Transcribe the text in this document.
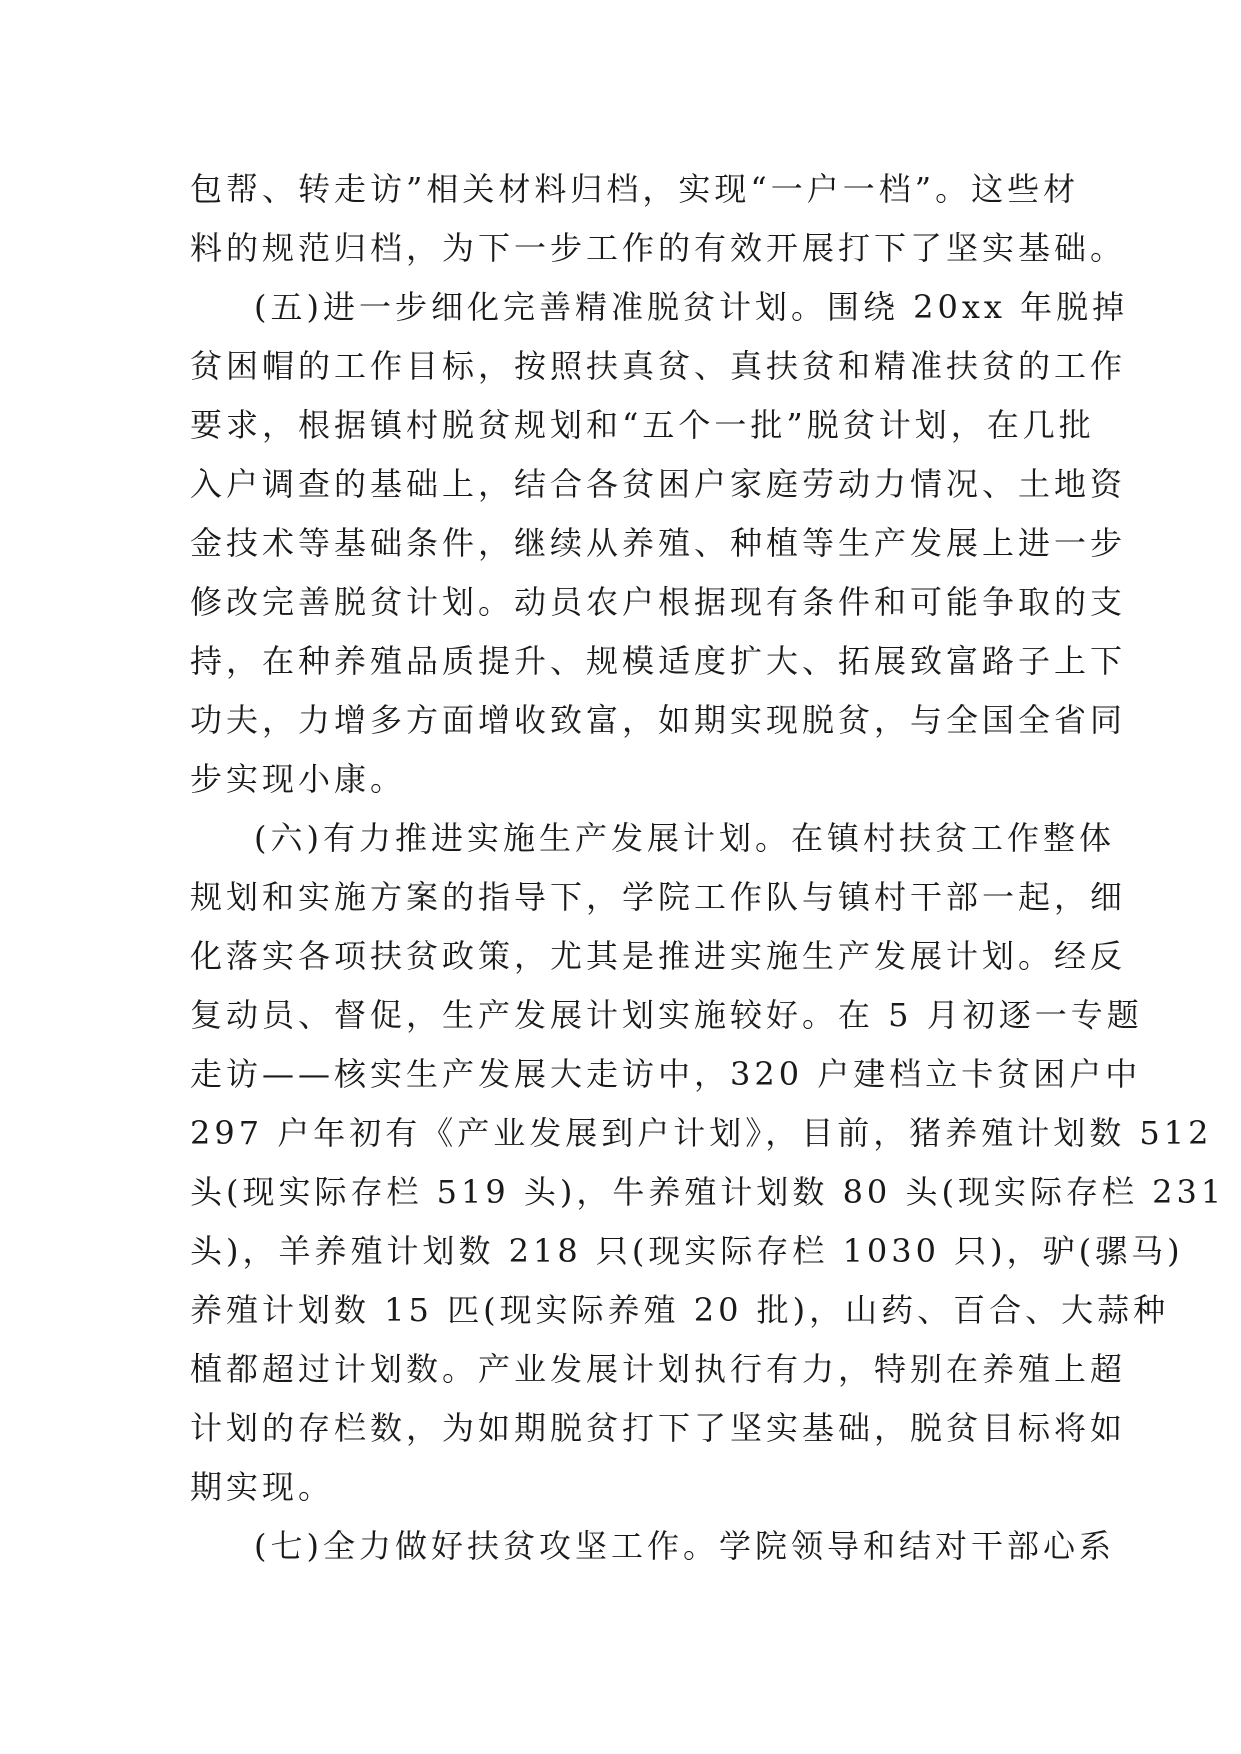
包帮、转走访”相关材料归档，实现“一户一档”。这些材
料的规范归档，为下一步工作的有效开展打下了坚实基础。
(五)进一步细化完善精准脱贫计划。围绕 20xx 年脱掉
贫困帽的工作目标，按照扶真贫、真扶贫和精准扶贫的工作
要求，根据镇村脱贫规划和“五个一批”脱贫计划，在几批
入户调查的基础上，结合各贫困户家庭劳动力情况、土地资
金技术等基础条件，继续从养殖、种植等生产发展上进一步
修改完善脱贫计划。动员农户根据现有条件和可能争取的支
持，在种养殖品质提升、规模适度扩大、拓展致富路子上下
功夫，力增多方面增收致富，如期实现脱贫，与全国全省同
步实现小康。
(六)有力推进实施生产发展计划。在镇村扶贫工作整体
规划和实施方案的指导下，学院工作队与镇村干部一起，细
化落实各项扶贫政策，尤其是推进实施生产发展计划。经反
复动员、督促，生产发展计划实施较好。在 5 月初逐一专题
走访——核实生产发展大走访中，320 户建档立卡贫困户中
297 户年初有《产业发展到户计划》，目前，猪养殖计划数 512
头(现实际存栏 519 头)，牛养殖计划数 80 头(现实际存栏 231
头)，羊养殖计划数 218 只(现实际存栏 1030 只)，驴(骡马)
养殖计划数 15 匹(现实际养殖 20 批)，山药、百合、大蒜种
植都超过计划数。产业发展计划执行有力，特别在养殖上超
计划的存栏数，为如期脱贫打下了坚实基础，脱贫目标将如
期实现。
(七)全力做好扶贫攻坚工作。学院领导和结对干部心系
